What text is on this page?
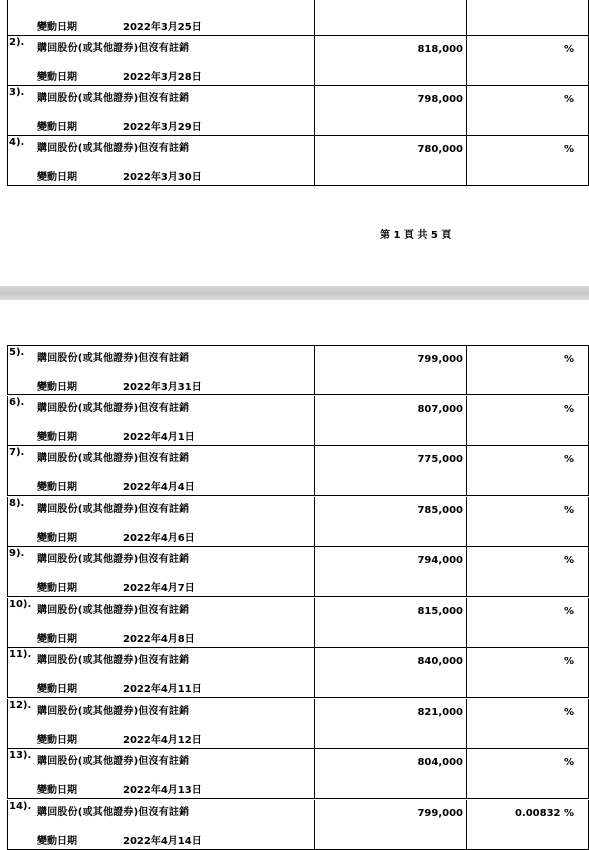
變動日期	2022年3月25日
2).
購回股份(或其他證券)但沒有註銷	818,000	%
變動日期	2022年3月28日
3).
購回股份(或其他證券)但沒有註銷	798,000	%
變動日期	2022年3月29日
4).
購回股份(或其他證券)但沒有註銷	780,000	%
變動日期	2022年3月30日
第 1 頁 共 5 頁
5).
購回股份(或其他證券)但沒有註銷	799,000	%
變動日期	2022年3月31日
6).
購回股份(或其他證券)但沒有註銷	807,000	%
變動日期	2022年4月1日
7).
購回股份(或其他證券)但沒有註銷	775,000	%
變動日期	2022年4月4日
8).
購回股份(或其他證券)但沒有註銷	785,000	%
變動日期	2022年4月6日
9).
購回股份(或其他證券)但沒有註銷	794,000	%
變動日期	2022年4月7日
10).
購回股份(或其他證券)但沒有註銷	815,000	%
變動日期	2022年4月8日
11).
購回股份(或其他證券)但沒有註銷	840,000	%
變動日期	2022年4月11日
12).
購回股份(或其他證券)但沒有註銷	821,000	%
變動日期	2022年4月12日
13).
購回股份(或其他證券)但沒有註銷	804,000	%
變動日期	2022年4月13日
14).
購回股份(或其他證券)但沒有註銷	799,000	0.00832 %
變動日期	2022年4月14日
